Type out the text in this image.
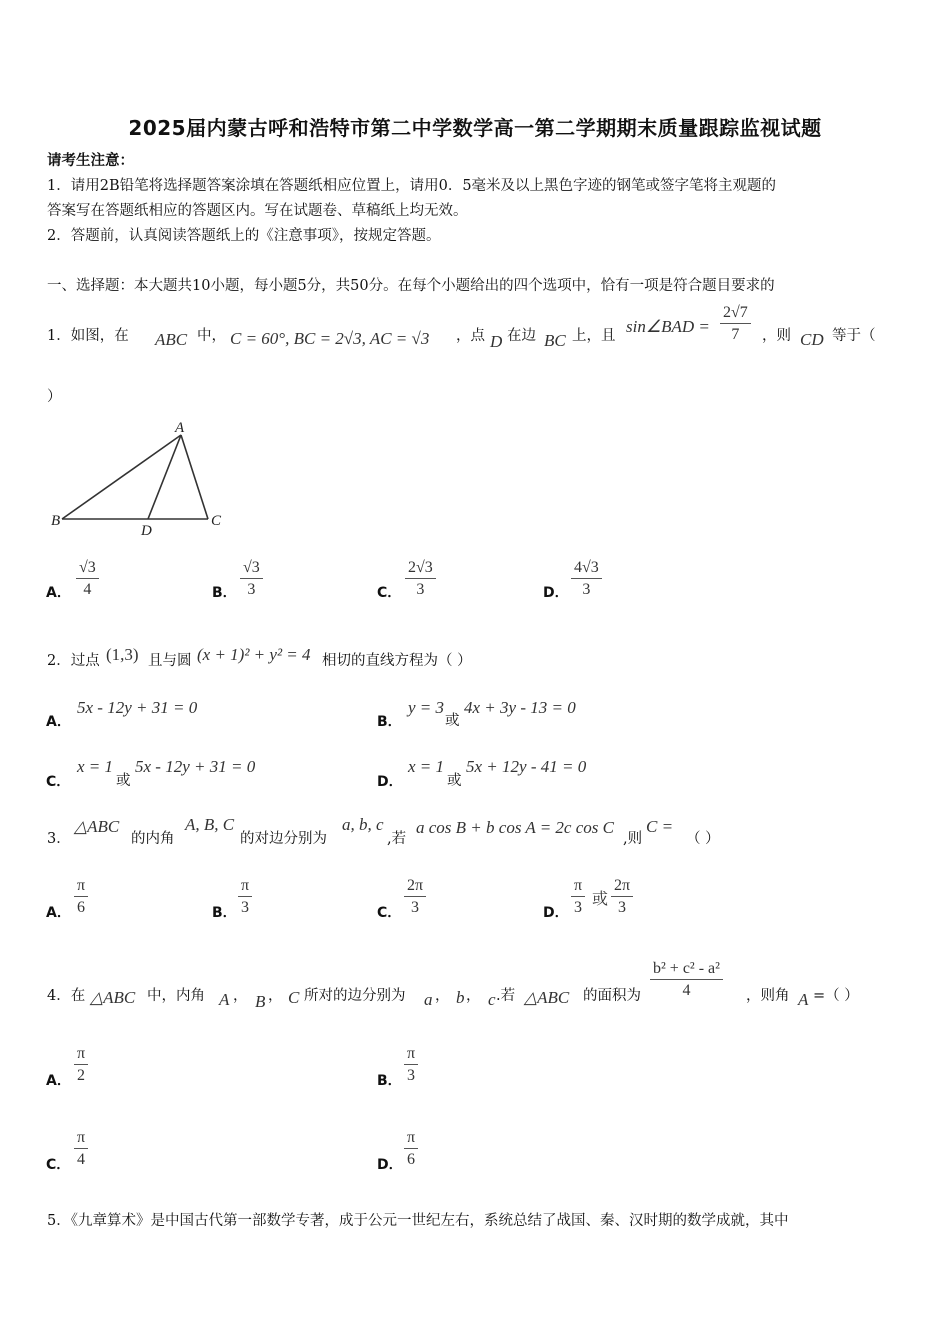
2025届内蒙古呼和浩特市第二中学数学高一第二学期期末质量跟踪监视试题
请考生注意：
1．请用2B铅笔将选择题答案涂填在答题纸相应位置上，请用0．5毫米及以上黑色字迹的钢笔或签字笔将主观题的
答案写在答题纸相应的答题区内。写在试题卷、草稿纸上均无效。
2．答题前，认真阅读答题纸上的《注意事项》，按规定答题。
一、选择题：本大题共10小题，每小题5分，共50分。在每个小题给出的四个选项中，恰有一项是符合题目要求的
1．如图，在 ABC 中， C = 60°, BC = 2√3, AC = √3 ，点 D 在边 BC 上，且 sin∠BAD = $\frac{2√7}{7}$ ，则 CD 等于（
）
A
B	C
D
A． $\frac{√3}{4}$	B． $\frac{√3}{3}$	C． $\frac{2√3}{3}$	D． $\frac{4√3}{3}$
2．过点 (1,3) 且与圆 (x + 1)² + y² = 4 相切的直线方程为（ ）
A．
5x - 12y + 31 = 0
B．
y = 3
或
4x + 3y - 13 = 0
C．
x = 1
或
5x - 12y + 31 = 0
D．
x = 1
或
5x + 12y - 41 = 0
3．
△ABC
的内角
A, B, C
的对边分别为
a, b, c
,若
a cos B + b cos A = 2c cos C
,则
C =
（ ）
A． $\frac{\pi}{6}$	B． $\frac{\pi}{3}$	C． $\frac{2\pi}{3}$	D． $\frac{\pi}{3}$ 或 $\frac{2\pi}{3}$
4．在 △ABC 中，内角 A ， B ， C 所对的边分别为 a ， b ， c .若 △ABC 的面积为 $\frac{\text{b² + c² - a²}}{4}$ ，则角 A =（ ）
A． $\frac{\pi}{2}$	B． $\frac{\pi}{3}$
C． $\frac{\pi}{4}$	D． $\frac{\pi}{6}$
5．《九章算术》是中国古代第一部数学专著，成于公元一世纪左右，系统总结了战国、秦、汉时期的数学成就，其中
